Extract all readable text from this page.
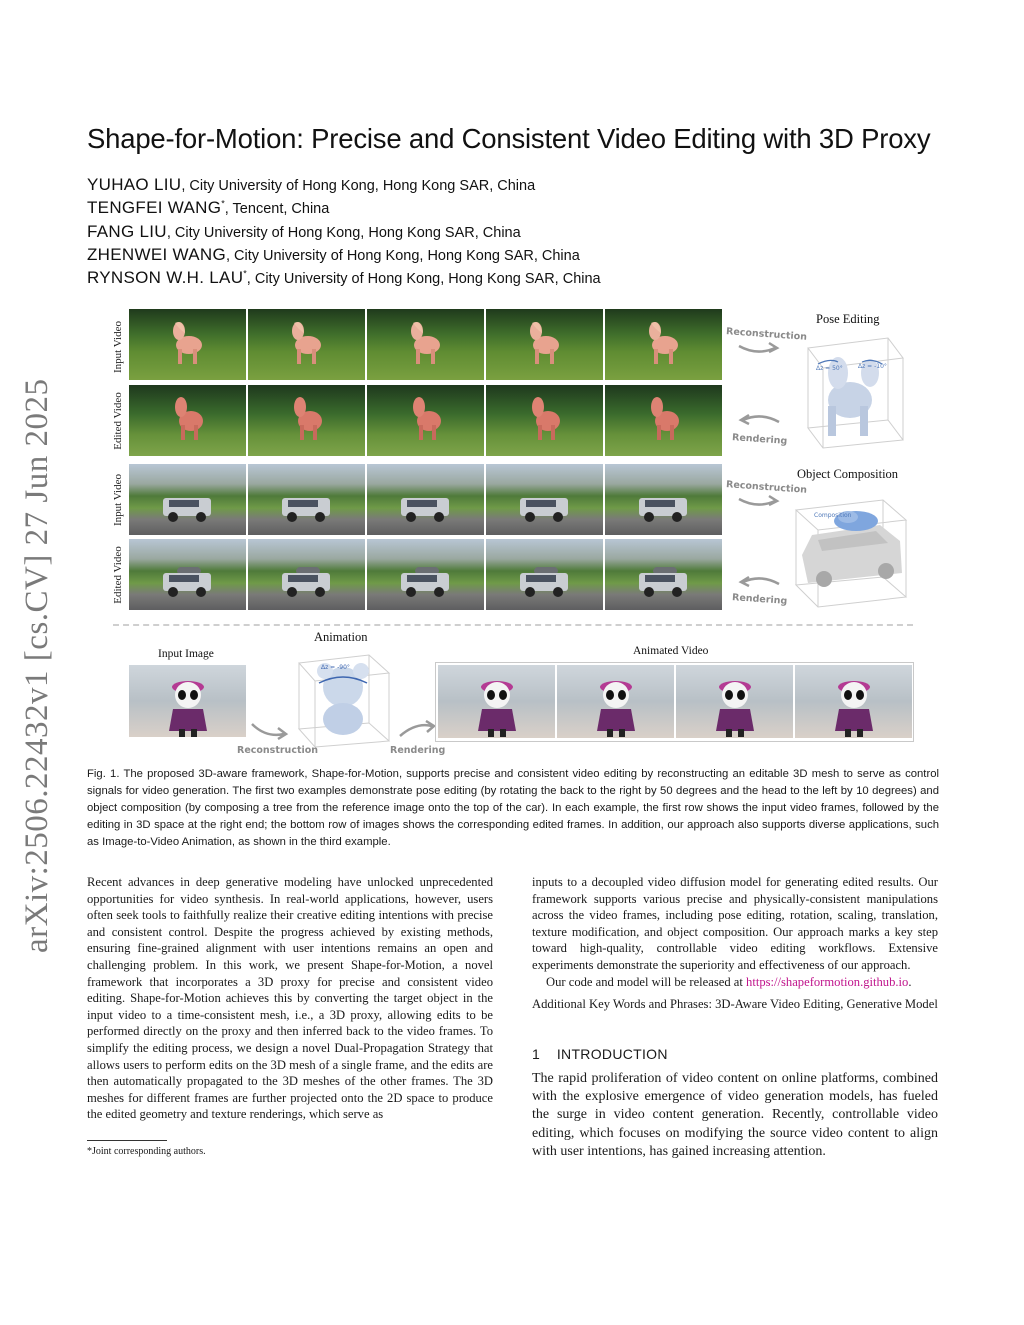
arXiv:2506.22432v1 [cs.CV] 27 Jun 2025
Shape-for-Motion: Precise and Consistent Video Editing with 3D Proxy
YUHAO LIU, City University of Hong Kong, Hong Kong SAR, China
TENGFEI WANG*, Tencent, China
FANG LIU, City University of Hong Kong, Hong Kong SAR, China
ZHENWEI WANG, City University of Hong Kong, Hong Kong SAR, China
RYNSON W.H. LAU*, City University of Hong Kong, Hong Kong SAR, China
Input Video
Edited Video
Input Video
Edited Video
Pose Editing
Reconstruction
Rendering
Δz = 50°	Δz = -10°
Object Composition
Reconstruction
Rendering
Composition
Animation
Input Image	Animated Video
Reconstruction
Δz = -90°
Rendering
Fig. 1. The proposed 3D-aware framework, Shape-for-Motion, supports precise and consistent video editing by reconstructing an editable 3D mesh to serve as control signals for video generation. The first two examples demonstrate pose editing (by rotating the back to the right by 50 degrees and the head to the left by 10 degrees) and object composition (by composing a tree from the reference image onto the top of the car). In each example, the first row shows the input video frames, followed by the editing in 3D space at the right end; the bottom row of images shows the corresponding edited frames. In addition, our approach also supports diverse applications, such as Image-to-Video Animation, as shown in the third example.

Recent advances in deep generative modeling have unlocked unprecedented opportunities for video synthesis. In real-world applications, however, users often seek tools to faithfully realize their creative editing intentions with precise and consistent control. Despite the progress achieved by existing methods, ensuring fine-grained alignment with user intentions remains an open and challenging problem. In this work, we present Shape-for-Motion, a novel framework that incorporates a 3D proxy for precise and consistent video editing. Shape-for-Motion achieves this by converting the target object in the input video to a time-consistent mesh, i.e., a 3D proxy, allowing edits to be performed directly on the proxy and then inferred back to the video frames. To simplify the editing process, we design a novel Dual-Propagation Strategy that allows users to perform edits on the 3D mesh of a single frame, and the edits are then automatically propagated to the 3D meshes of the other frames. The 3D meshes for different frames are further projected onto the 2D space to produce the edited geometry and texture renderings, which serve as

inputs to a decoupled video diffusion model for generating edited results. Our framework supports various precise and physically-consistent manipulations across the video frames, including pose editing, rotation, scaling, translation, texture modification, and object composition. Our approach marks a key step toward high-quality, controllable video editing workflows. Extensive experiments demonstrate the superiority and effectiveness of our approach.

Our code and model will be released at https://shapeformotion.github.io.

Additional Key Words and Phrases: 3D-Aware Video Editing, Generative Model

1 INTRODUCTION
The rapid proliferation of video content on online platforms, combined with the explosive emergence of video generation models, has fueled the surge in video content generation. Recently, controllable video editing, which focuses on modifying the source video content to align with user intentions, has gained increasing attention.
*Joint corresponding authors.
